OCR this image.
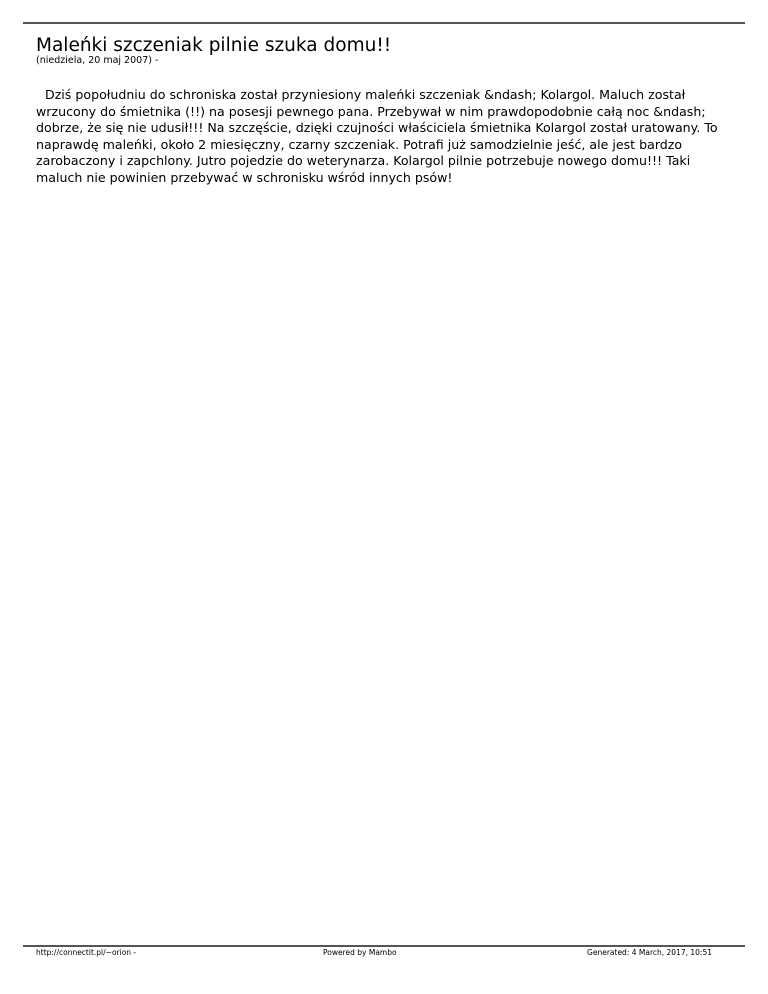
Maleńki szczeniak pilnie szuka domu!!

(niedziela, 20 maj 2007) -

Dziś popołudniu do schroniska został przyniesiony maleńki szczeniak &ndash; Kolargol. Maluch został wrzucony do śmietnika (!!) na posesji pewnego pana. Przebywał w nim prawdopodobnie całą noc &ndash; dobrze, że się nie udusił!!! Na szczęście, dzięki czujności właściciela śmietnika Kolargol został uratowany. To naprawdę maleńki, około 2 miesięczny, czarny szczeniak. Potrafi już samodzielnie jeść, ale jest bardzo zarobaczony i zapchlony. Jutro pojedzie do weterynarza. Kolargol pilnie potrzebuje nowego domu!!! Taki maluch nie powinien przebywać w schronisku wśród innych psów!

http://connectit.pl/~orion -	Powered by Mambo	Generated: 4 March, 2017, 10:51
